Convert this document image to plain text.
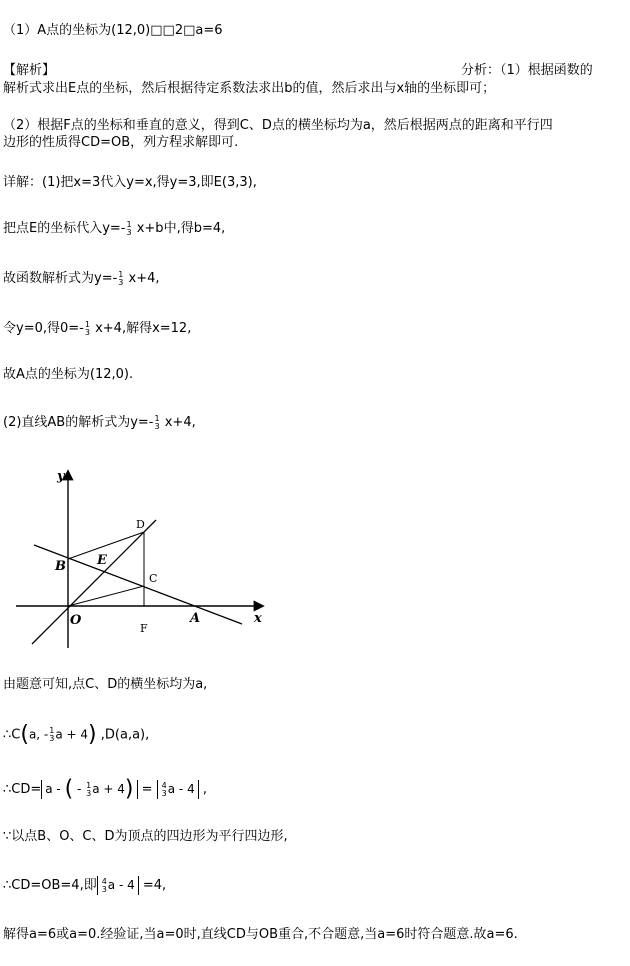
（1）A点的坐标为(12,0)□□2□a=6
【解析】	分析：（1）根据函数的
解析式求出E点的坐标，然后根据待定系数法求出b的值，然后求出与x轴的坐标即可；
（2）根据F点的坐标和垂直的意义，得到C、D点的横坐标均为a，然后根据两点的距离和平行四
边形的性质得CD=OB，列方程求解即可.
详解：(1)把x=3代入y=x,得y=3,即E(3,3),
把点E的坐标代入y=- 1
3 x+b中,得b=4,
故函数解析式为y=- 1
3 x+4,
令y=0,得0=- 1
3 x+4,解得x=12,
故A点的坐标为(12,0).
(2)直线AB的解析式为y=- 1
3 x+4,
y
x
O
B E
D
C
F
A
由题意可知,点C、D的横坐标均为a,
∴C(a, - 1
3 a + 4) ,D(a,a),
∴CD= a - ( - 1
3 a + 4) = 4
3 a - 4 ,
∵以点B、O、C、D为顶点的四边形为平行四边形,
∴CD=OB=4,即 4
3 a - 4 =4,
解得a=6或a=0.经验证,当a=0时,直线CD与OB重合,不合题意,当a=6时符合题意.故a=6.
